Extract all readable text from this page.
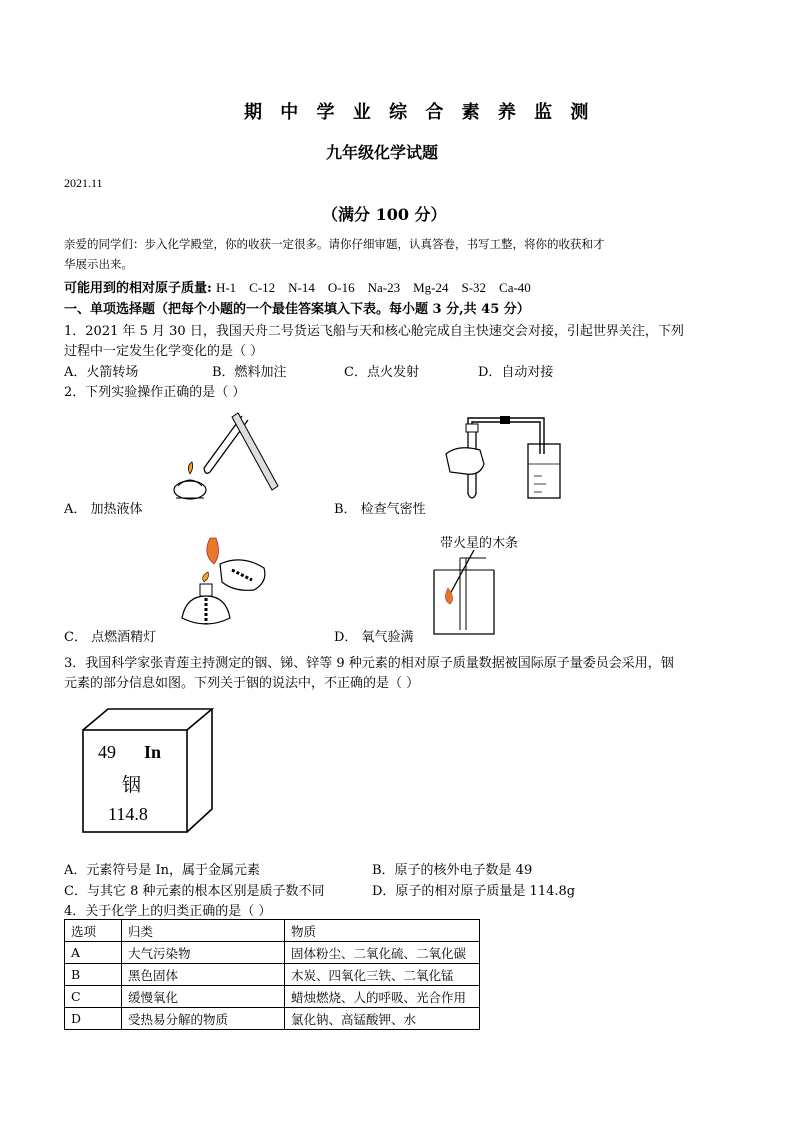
期 中 学 业 综 合 素 养 监 测
九年级化学试题
2021.11
（满分 100 分）
亲爱的同学们：步入化学殿堂，你的收获一定很多。请你仔细审题，认真答卷，书写工整，将你的收获和才
华展示出来。
可能用到的相对原子质量: H-1    C-12    N-14    O-16    Na-23    Mg-24    S-32    Ca-40
一、单项选择题（把每个小题的一个最佳答案填入下表。每小题 3 分,共 45 分）
1．2021 年 5 月 30 日，我国天舟二号货运飞船与天和核心舱完成自主快速交会对接，引起世界关注，下列
过程中一定发生化学变化的是（ ）
A．火箭转场	B．燃料加注	C．点火发射	D．自动对接
2．下列实验操作正确的是（ ）
A． 加热液体	B． 检查气密性
C． 点燃酒精灯
带火星的木条
D． 氧气验满
3．我国科学家张青莲主持测定的铟、锑、锌等 9 种元素的相对原子质量数据被国际原子量委员会采用，铟
元素的部分信息如图。下列关于铟的说法中，不正确的是（ ）
49 In
铟
114.8
A．元素符号是 In，属于金属元素	B．原子的核外电子数是 49
C．与其它 8 种元素的根本区别是质子数不同	D．原子的相对原子质量是 114.8g
4．关于化学上的归类正确的是（ ）
选项	归类	物质
A	大气污染物	固体粉尘、二氧化硫、二氧化碳
B	黑色固体	木炭、四氧化三铁、二氧化锰
C	缓慢氧化	蜡烛燃烧、人的呼吸、光合作用
D	受热易分解的物质	氯化钠、高锰酸钾、水
